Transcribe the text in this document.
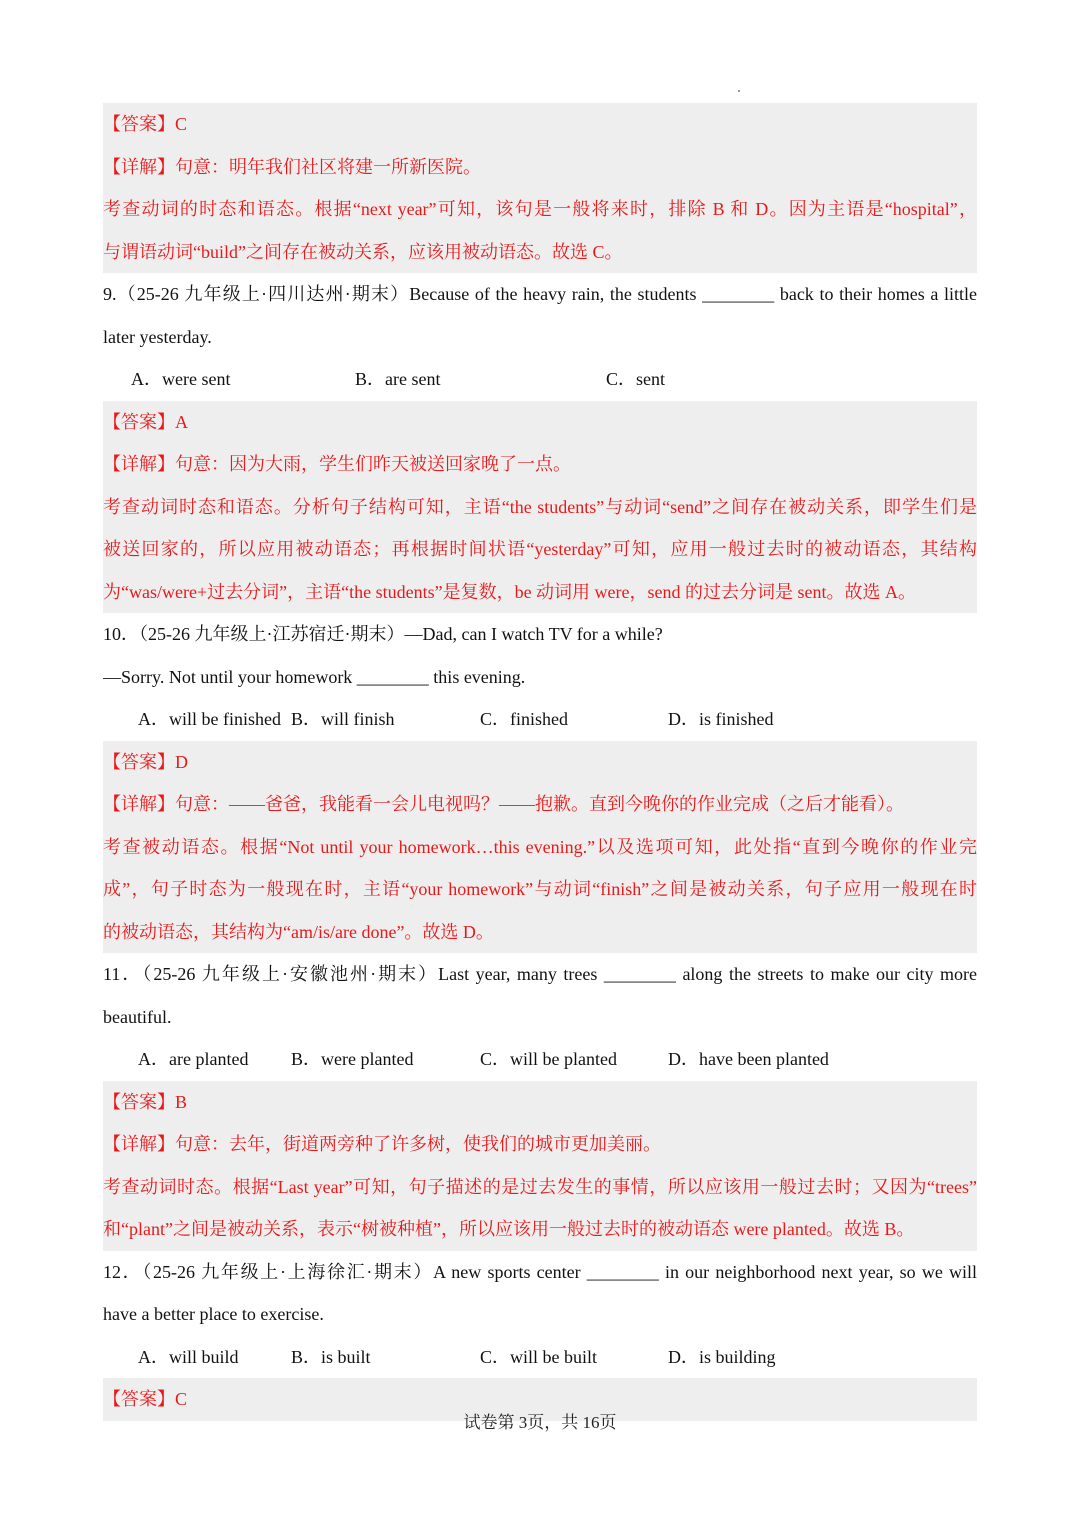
【答案】C
【详解】句意：明年我们社区将建一所新医院。
考查动词的时态和语态。根据“next year”可知，该句是一般将来时，排除 B 和 D。因为主语是“hospital”，
与谓语动词“build”之间存在被动关系，应该用被动语态。故选 C。
9.（25-26 九年级上·四川达州·期末）Because of the heavy rain, the students ________ back to their homes a little
later yesterday.
A．were sent	B．are sent	C．sent
【答案】A
【详解】句意：因为大雨，学生们昨天被送回家晚了一点。
考查动词时态和语态。分析句子结构可知，主语“the students”与动词“send”之间存在被动关系，即学生们是
被送回家的，所以应用被动语态；再根据时间状语“yesterday”可知，应用一般过去时的被动语态，其结构
为“was/were+过去分词”，主语“the students”是复数，be 动词用 were，send 的过去分词是 sent。故选 A。
10．（25-26 九年级上·江苏宿迁·期末）—Dad, can I watch TV for a while?
—Sorry. Not until your homework ________ this evening.
A．will be finished B．will finish	C．finished	D．is finished
【答案】D
【详解】句意：——爸爸，我能看一会儿电视吗？——抱歉。直到今晚你的作业完成（之后才能看）。
考查被动语态。根据“Not until your homework…this evening.”以及选项可知，此处指“直到今晚你的作业完
成”，句子时态为一般现在时，主语“your homework”与动词“finish”之间是被动关系，句子应用一般现在时
的被动语态，其结构为“am/is/are done”。故选 D。
11．（25-26 九年级上·安徽池州·期末）Last year, many trees ________ along the streets to make our city more
beautiful.
A．are planted B．were planted	C．will be planted	D．have been planted
【答案】B
【详解】句意：去年，街道两旁种了许多树，使我们的城市更加美丽。
考查动词时态。根据“Last year”可知，句子描述的是过去发生的事情，所以应该用一般过去时；又因为“trees”
和“plant”之间是被动关系，表示“树被种植”，所以应该用一般过去时的被动语态 were planted。故选 B。
12．（25-26 九年级上·上海徐汇·期末）A new sports center ________ in our neighborhood next year, so we will
have a better place to exercise.
A．will build	B．is built	C．will be built	D．is building
【答案】C
试卷第 3页，共 16页
